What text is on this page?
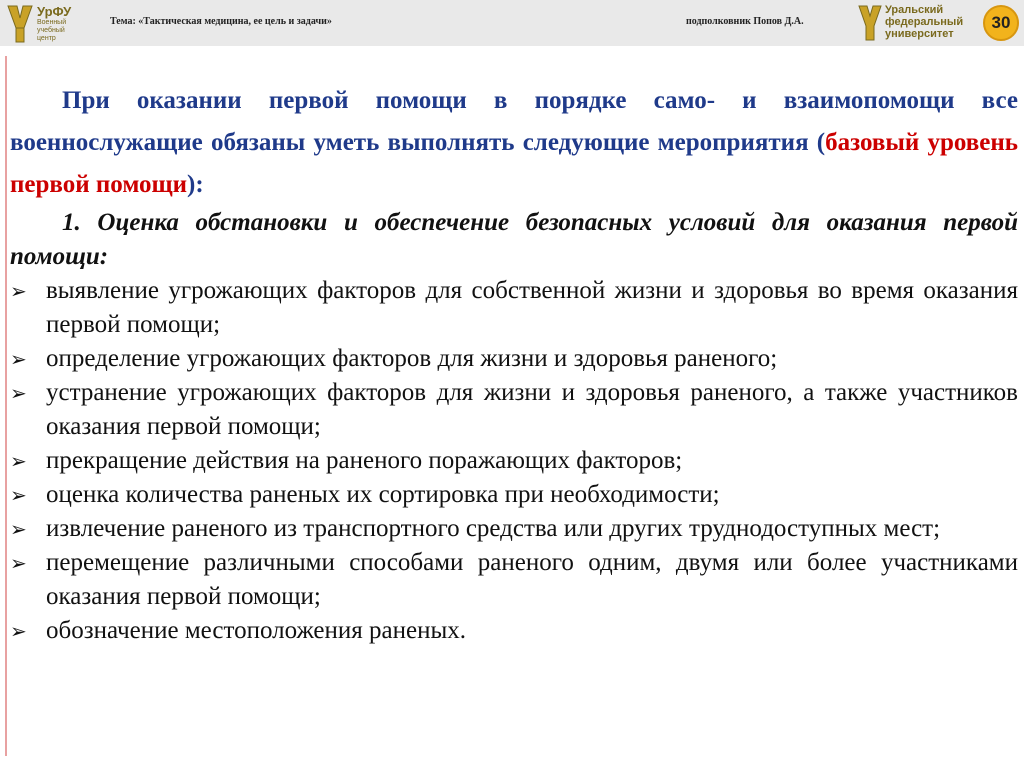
УрФУ
Военный учебный центр
Тема: «Тактическая медицина, ее цель и задачи»	подполковник Попов Д.А.
Уральский
федеральный
университет
30

При оказании первой помощи в порядке само- и взаимопомощи все военнослужащие обязаны уметь выполнять следующие мероприятия (базовый уровень первой помощи):

1. Оценка обстановки и обеспечение безопасных условий для оказания первой помощи:

➢ выявление угрожающих факторов для собственной жизни и здоровья во время оказания первой помощи;
➢ определение угрожающих факторов для жизни и здоровья раненого;
➢ устранение угрожающих факторов для жизни и здоровья раненого, а также участников оказания первой помощи;
➢ прекращение действия на раненого поражающих факторов;
➢ оценка количества раненых их сортировка при необходимости;
➢ извлечение раненого из транспортного средства или других труднодоступных мест;
➢ перемещение различными способами раненого одним, двумя или более участниками оказания первой помощи;
➢ обозначение местоположения раненых.
